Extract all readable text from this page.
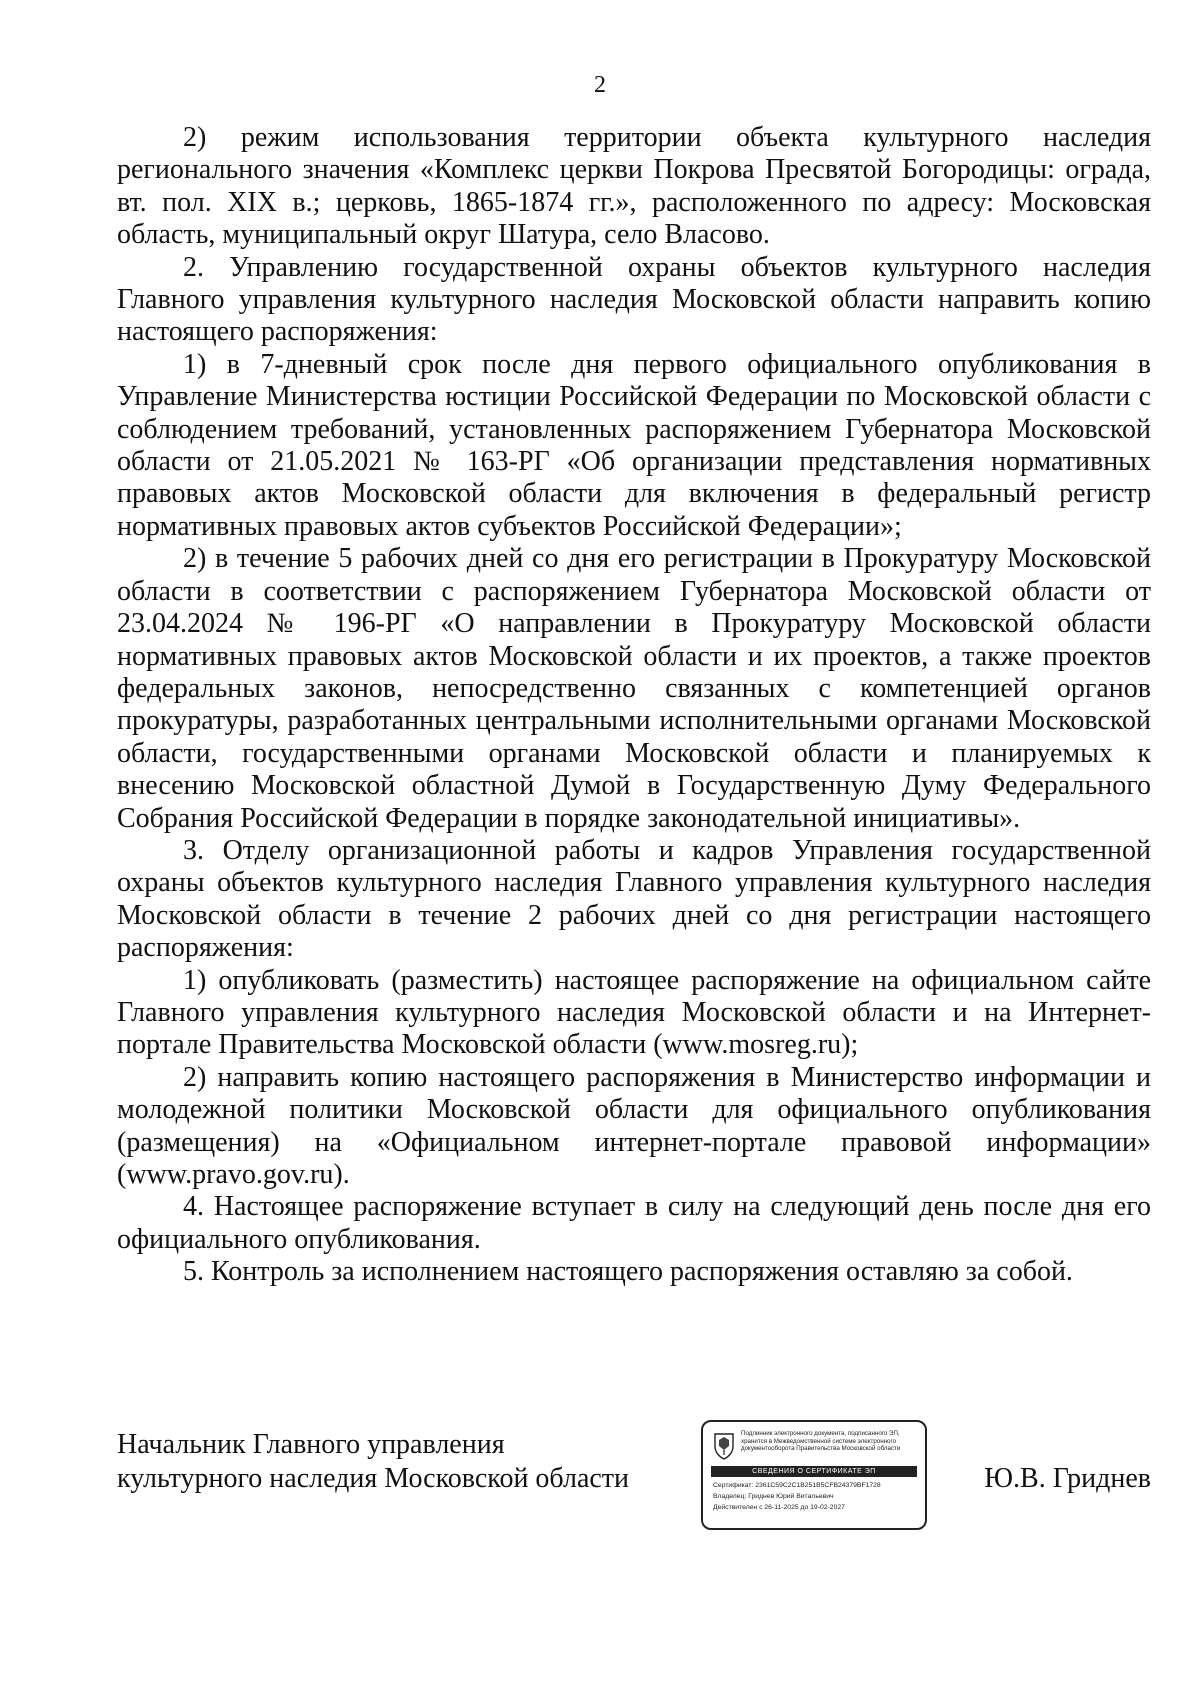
2

2) режим использования территории объекта культурного наследия регионального значения «Комплекс церкви Покрова Пресвятой Богородицы: ограда, вт. пол. XIX в.; церковь, 1865-1874 гг.», расположенного по адресу: Московская область, муниципальный округ Шатура, село Власово.

2. Управлению государственной охраны объектов культурного наследия Главного управления культурного наследия Московской области направить копию настоящего распоряжения:

1) в 7-дневный срок после дня первого официального опубликования в Управление Министерства юстиции Российской Федерации по Московской области с соблюдением требований, установленных распоряжением Губернатора Московской области от 21.05.2021 № 163-РГ «Об организации представления нормативных правовых актов Московской области для включения в федеральный регистр нормативных правовых актов субъектов Российской Федерации»;

2) в течение 5 рабочих дней со дня его регистрации в Прокуратуру Московской области в соответствии с распоряжением Губернатора Московской области от 23.04.2024 № 196-РГ «О направлении в Прокуратуру Московской области нормативных правовых актов Московской области и их проектов, а также проектов федеральных законов, непосредственно связанных с компетенцией органов прокуратуры, разработанных центральными исполнительными органами Московской области, государственными органами Московской области и планируемых к внесению Московской областной Думой в Государственную Думу Федерального Собрания Российской Федерации в порядке законодательной инициативы».

3. Отделу организационной работы и кадров Управления государственной охраны объектов культурного наследия Главного управления культурного наследия Московской области в течение 2 рабочих дней со дня регистрации настоящего распоряжения:

1) опубликовать (разместить) настоящее распоряжение на официальном сайте Главного управления культурного наследия Московской области и на Интернет-портале Правительства Московской области (www.mosreg.ru);

2) направить копию настоящего распоряжения в Министерство информации и молодежной политики Московской области для официального опубликования (размещения) на «Официальном интернет-портале правовой информации» (www.pravo.gov.ru).

4. Настоящее распоряжение вступает в силу на следующий день после дня его официального опубликования.

5. Контроль за исполнением настоящего распоряжения оставляю за собой.

Начальник Главного управления
культурного наследия Московской области
Подлинник электронного документа, подписанного ЭП, хранится в Межведомственной системе электронного документооборота Правительства Московской области
СВЕДЕНИЯ О СЕРТИФИКАТЕ ЭП
Сертификат: 2361C59C2C1B251B5CFB24379BF1728
Владелец: Гриднев Юрий Витальевич
Действителен с 26-11-2025 до 19-02-2027
Ю.В. Гриднев
